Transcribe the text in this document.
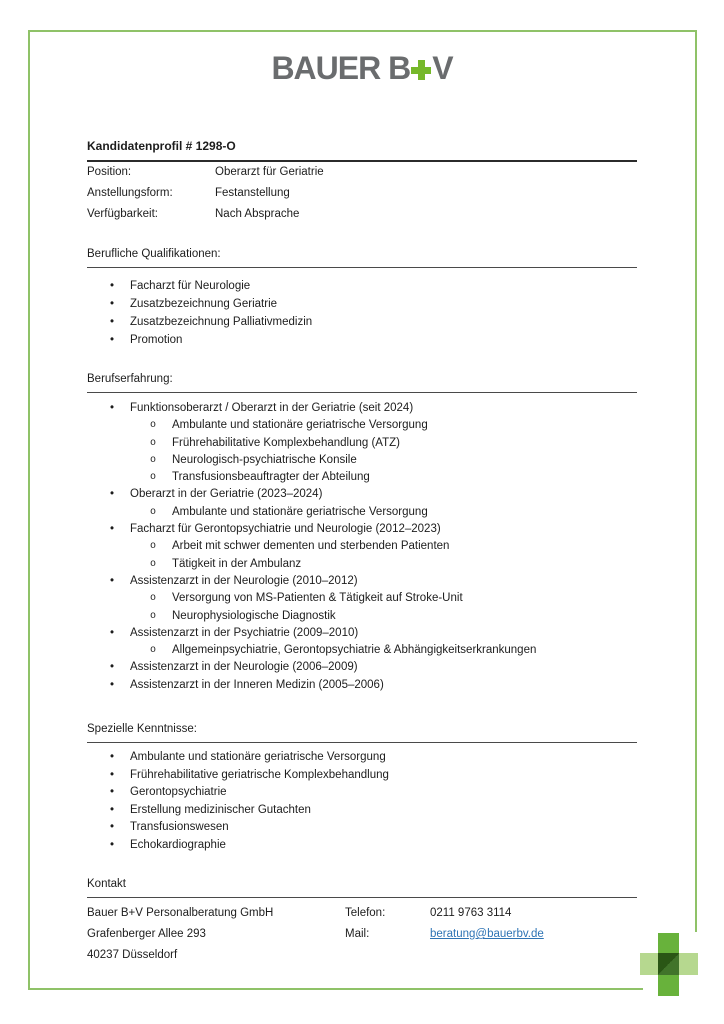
BAUER B V
Kandidatenprofil # 1298-O
Position:	Oberarzt für Geriatrie
Anstellungsform:	Festanstellung
Verfügbarkeit:	Nach Absprache
Berufliche Qualifikationen:
• Facharzt für Neurologie
• Zusatzbezeichnung Geriatrie
• Zusatzbezeichnung Palliativmedizin
• Promotion
Berufserfahrung:
• Funktionsoberarzt / Oberarzt in der Geriatrie (seit 2024)
o Ambulante und stationäre geriatrische Versorgung
o Frührehabilitative Komplexbehandlung (ATZ)
o Neurologisch-psychiatrische Konsile
o Transfusionsbeauftragter der Abteilung
• Oberarzt in der Geriatrie (2023–2024)
o Ambulante und stationäre geriatrische Versorgung
• Facharzt für Gerontopsychiatrie und Neurologie (2012–2023)
o Arbeit mit schwer dementen und sterbenden Patienten
o Tätigkeit in der Ambulanz
• Assistenzarzt in der Neurologie (2010–2012)
o Versorgung von MS-Patienten & Tätigkeit auf Stroke-Unit
o Neurophysiologische Diagnostik
• Assistenzarzt in der Psychiatrie (2009–2010)
o Allgemeinpsychiatrie, Gerontopsychiatrie & Abhängigkeitserkrankungen
• Assistenzarzt in der Neurologie (2006–2009)
• Assistenzarzt in der Inneren Medizin (2005–2006)
Spezielle Kenntnisse:
• Ambulante und stationäre geriatrische Versorgung
• Frührehabilitative geriatrische Komplexbehandlung
• Gerontopsychiatrie
• Erstellung medizinischer Gutachten
• Transfusionswesen
• Echokardiographie
Kontakt
Bauer B+V Personalberatung GmbH
Grafenberger Allee 293
40237 Düsseldorf
Telefon:	0211 9763 3114
Mail:	beratung@bauerbv.de
